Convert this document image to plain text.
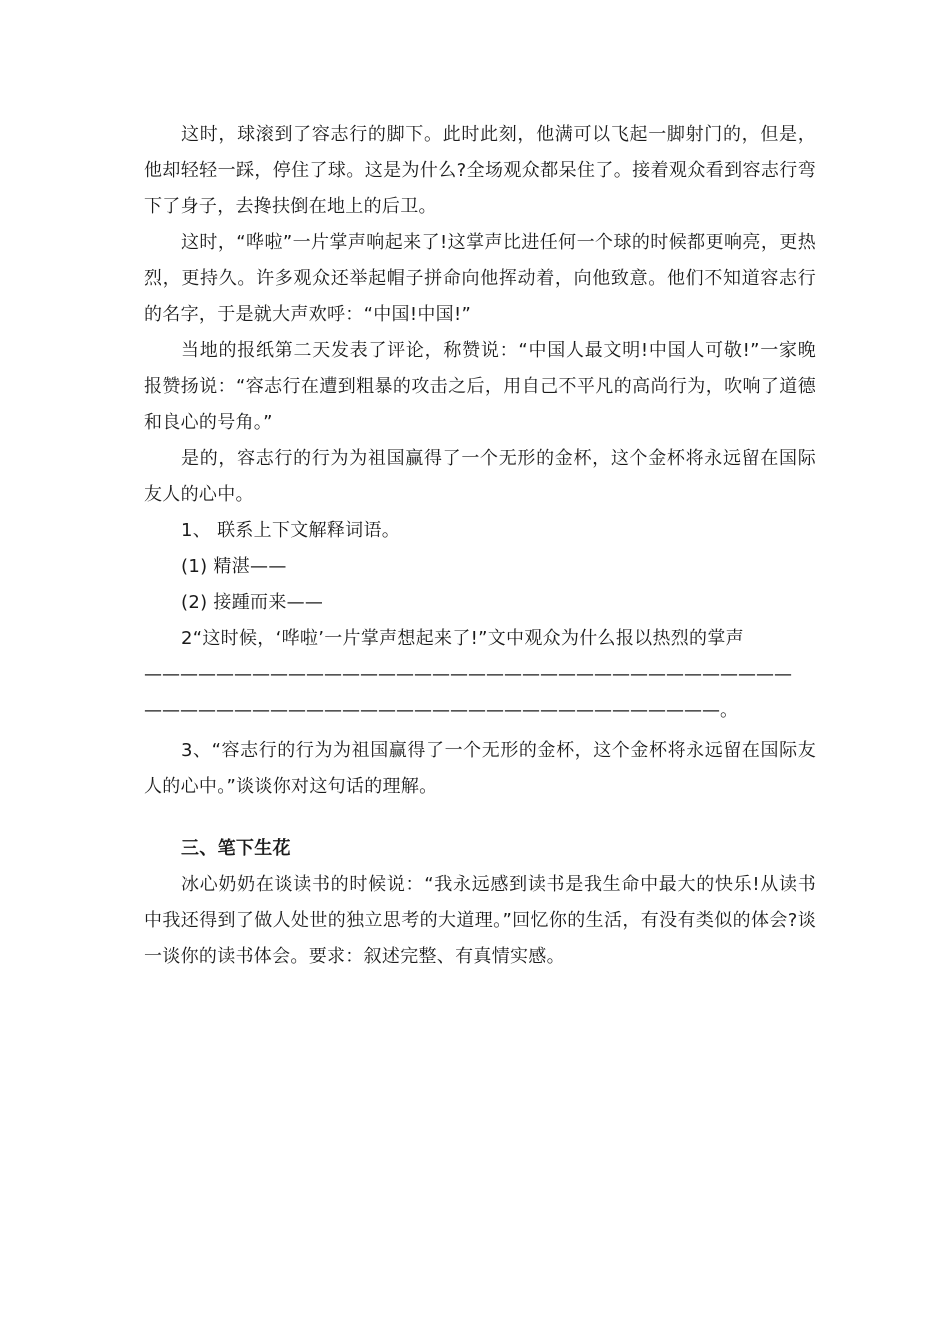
这时，球滚到了容志行的脚下。此时此刻，他满可以飞起一脚射门的，但是，他却轻轻一踩，停住了球。这是为什么?全场观众都呆住了。接着观众看到容志行弯下了身子，去搀扶倒在地上的后卫。

这时，“哗啦”一片掌声响起来了!这掌声比进任何一个球的时候都更响亮，更热烈，更持久。许多观众还举起帽子拼命向他挥动着，向他致意。他们不知道容志行的名字，于是就大声欢呼：“中国!中国!”

当地的报纸第二天发表了评论，称赞说：“中国人最文明!中国人可敬!”一家晚报赞扬说：“容志行在遭到粗暴的攻击之后，用自己不平凡的高尚行为，吹响了道德和良心的号角。”

是的，容志行的行为为祖国赢得了一个无形的金杯，这个金杯将永远留在国际友人的心中。

1、 联系上下文解释词语。

(1) 精湛——

(2) 接踵而来——

2“这时候，‘哗啦’一片掌声想起来了!”文中观众为什么报以热烈的掌声

————————————————————————————————————

————————————————————————————————。

3、“容志行的行为为祖国赢得了一个无形的金杯，这个金杯将永远留在国际友人的心中。”谈谈你对这句话的理解。

三、笔下生花

冰心奶奶在谈读书的时候说：“我永远感到读书是我生命中最大的快乐!从读书中我还得到了做人处世的独立思考的大道理。”回忆你的生活，有没有类似的体会?谈一谈你的读书体会。要求：叙述完整、有真情实感。
